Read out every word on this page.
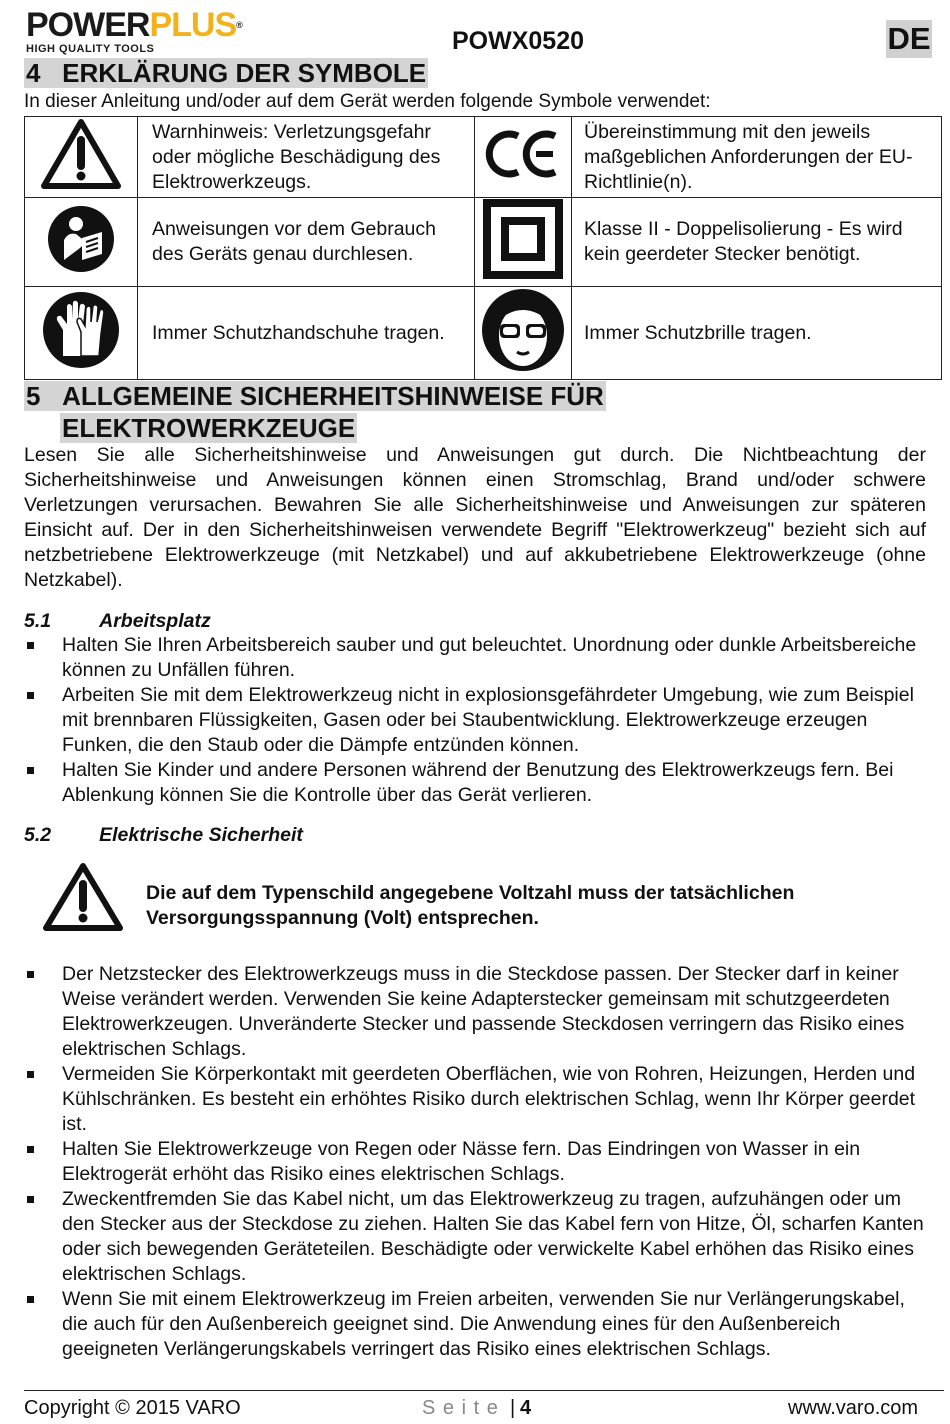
POWERPLUS®
HIGH QUALITY TOOLS	POWX0520	DE
4 ERKLÄRUNG DER SYMBOLE
In dieser Anleitung und/oder auf dem Gerät werden folgende Symbole verwendet:
	Warnhinweis: Verletzungsgefahr oder mögliche Beschädigung des Elektrowerkzeugs.		Übereinstimmung mit den jeweils maßgeblichen Anforderungen der EU-Richtlinie(n).
	Anweisungen vor dem Gebrauch des Geräts genau durchlesen.		Klasse II - Doppelisolierung - Es wird kein geerdeter Stecker benötigt.
	Immer Schutzhandschuhe tragen.		Immer Schutzbrille tragen.
5 ALLGEMEINE SICHERHEITSHINWEISE FÜR
ELEKTROWERKZEUGE
Lesen Sie alle Sicherheitshinweise und Anweisungen gut durch. Die Nichtbeachtung der Sicherheitshinweise und Anweisungen können einen Stromschlag, Brand und/oder schwere Verletzungen verursachen. Bewahren Sie alle Sicherheitshinweise und Anweisungen zur späteren Einsicht auf. Der in den Sicherheitshinweisen verwendete Begriff "Elektrowerkzeug" bezieht sich auf netzbetriebene Elektrowerkzeuge (mit Netzkabel) und auf akkubetriebene Elektrowerkzeuge (ohne Netzkabel).
5.1 Arbeitsplatz
Halten Sie Ihren Arbeitsbereich sauber und gut beleuchtet. Unordnung oder dunkle Arbeitsbereiche können zu Unfällen führen.
Arbeiten Sie mit dem Elektrowerkzeug nicht in explosionsgefährdeter Umgebung, wie zum Beispiel mit brennbaren Flüssigkeiten, Gasen oder bei Staubentwicklung. Elektrowerkzeuge erzeugen Funken, die den Staub oder die Dämpfe entzünden können.
Halten Sie Kinder und andere Personen während der Benutzung des Elektrowerkzeugs fern. Bei Ablenkung können Sie die Kontrolle über das Gerät verlieren.
5.2 Elektrische Sicherheit
Die auf dem Typenschild angegebene Voltzahl muss der tatsächlichen Versorgungsspannung (Volt) entsprechen.
Der Netzstecker des Elektrowerkzeugs muss in die Steckdose passen. Der Stecker darf in keiner Weise verändert werden. Verwenden Sie keine Adapterstecker gemeinsam mit schutzgeerdeten Elektrowerkzeugen. Unveränderte Stecker und passende Steckdosen verringern das Risiko eines elektrischen Schlags.
Vermeiden Sie Körperkontakt mit geerdeten Oberflächen, wie von Rohren, Heizungen, Herden und Kühlschränken. Es besteht ein erhöhtes Risiko durch elektrischen Schlag, wenn Ihr Körper geerdet ist.
Halten Sie Elektrowerkzeuge von Regen oder Nässe fern. Das Eindringen von Wasser in ein Elektrogerät erhöht das Risiko eines elektrischen Schlags.
Zweckentfremden Sie das Kabel nicht, um das Elektrowerkzeug zu tragen, aufzuhängen oder um den Stecker aus der Steckdose zu ziehen. Halten Sie das Kabel fern von Hitze, Öl, scharfen Kanten oder sich bewegenden Geräteteilen. Beschädigte oder verwickelte Kabel erhöhen das Risiko eines elektrischen Schlags.
Wenn Sie mit einem Elektrowerkzeug im Freien arbeiten, verwenden Sie nur Verlängerungskabel, die auch für den Außenbereich geeignet sind. Die Anwendung eines für den Außenbereich geeigneten Verlängerungskabels verringert das Risiko eines elektrischen Schlags.
Copyright © 2015 VARO	S e i t e | 4	www.varo.com
